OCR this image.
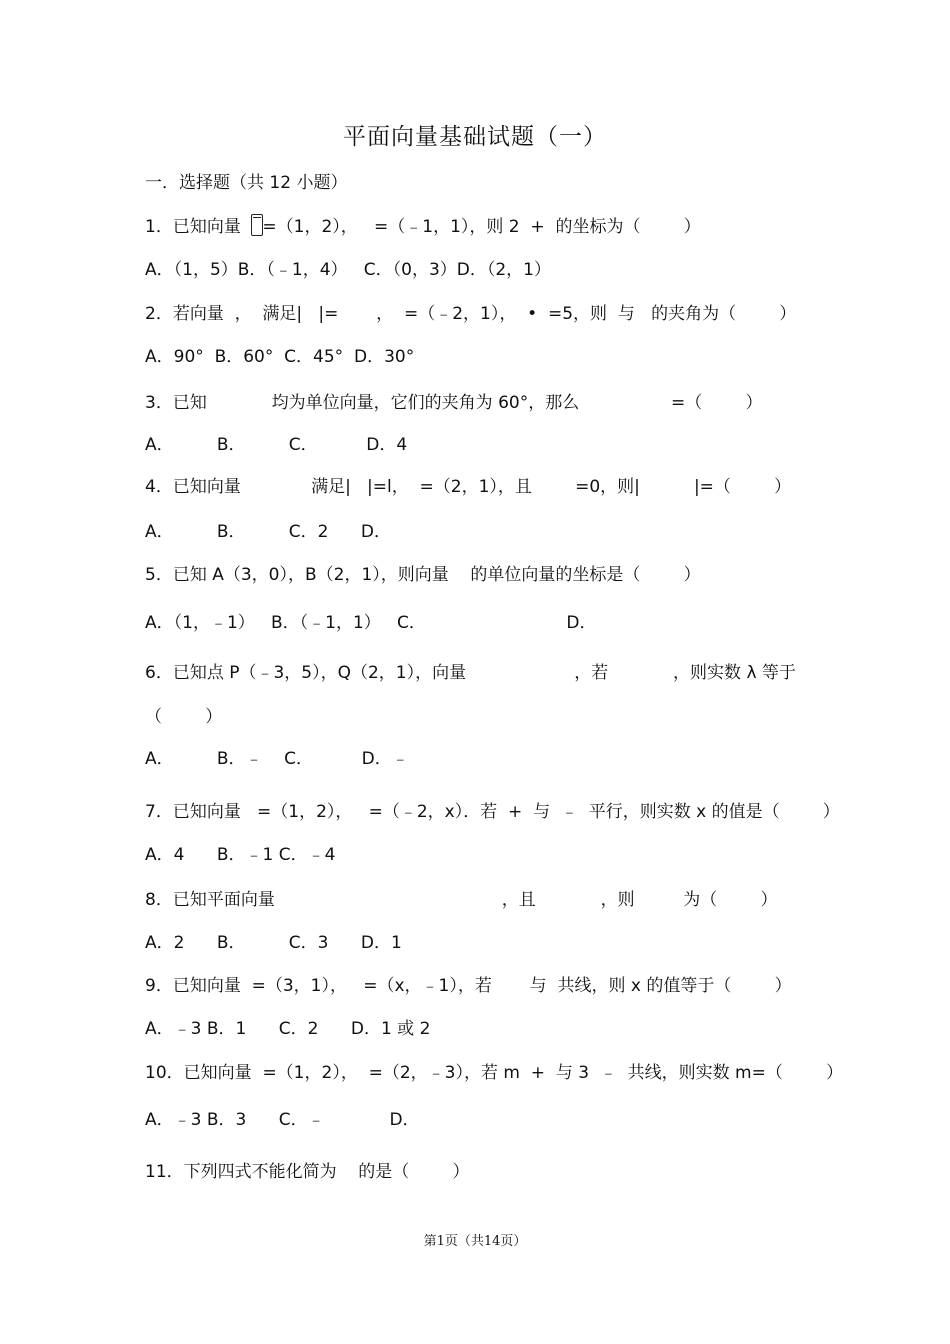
平面向量基础试题（一）
一．选择题（共 12 小题）
1．已知向量    =（1，2），   =（﹣1，1），则 2  +  的坐标为（        ）
A．（1，5）B．（﹣1，4）   C．（0，3）D．（2，1）
2．若向量  ，  满足|   |=       ，  =（﹣2，1），  •  =5，则  与   的夹角为（        ）
A．90°  B．60°  C．45°  D．30°
3．已知            均为单位向量，它们的夹角为 60°，那么                 =（        ）
A．        B．        C．         D．4
4．已知向量             满足|   |=l，  =（2，1），且        =0，则|          |=（        ）
A．        B．        C．2      D．
5．已知 A（3，0），B（2，1），则向量    的单位向量的坐标是（        ）
A．（1，﹣1）   B．（﹣1，1）   C．                          D．
6．已知点 P（﹣3，5），Q（2，1），向量                    ，若            ，则实数 λ 等于
（        ）
A．        B．﹣    C．         D．﹣
7．已知向量   =（1，2），   =（﹣2，x）．若  +  与  ﹣  平行，则实数 x 的值是（        ）
A．4      B．﹣1 C．﹣4
8．已知平面向量                                          ，且            ，则         为（        ）
A．2      B．        C．3      D．1
9．已知向量  =（3，1），   =（x，﹣1），若       与  共线，则 x 的值等于（        ）
A．﹣3 B．1      C．2      D．1 或 2
10．已知向量  =（1，2），  =（2，﹣3），若 m  +  与 3  ﹣  共线，则实数 m=（        ）
A．﹣3 B．3      C．﹣            D．
11．下列四式不能化简为    的是（        ）
第1页（共14页）
